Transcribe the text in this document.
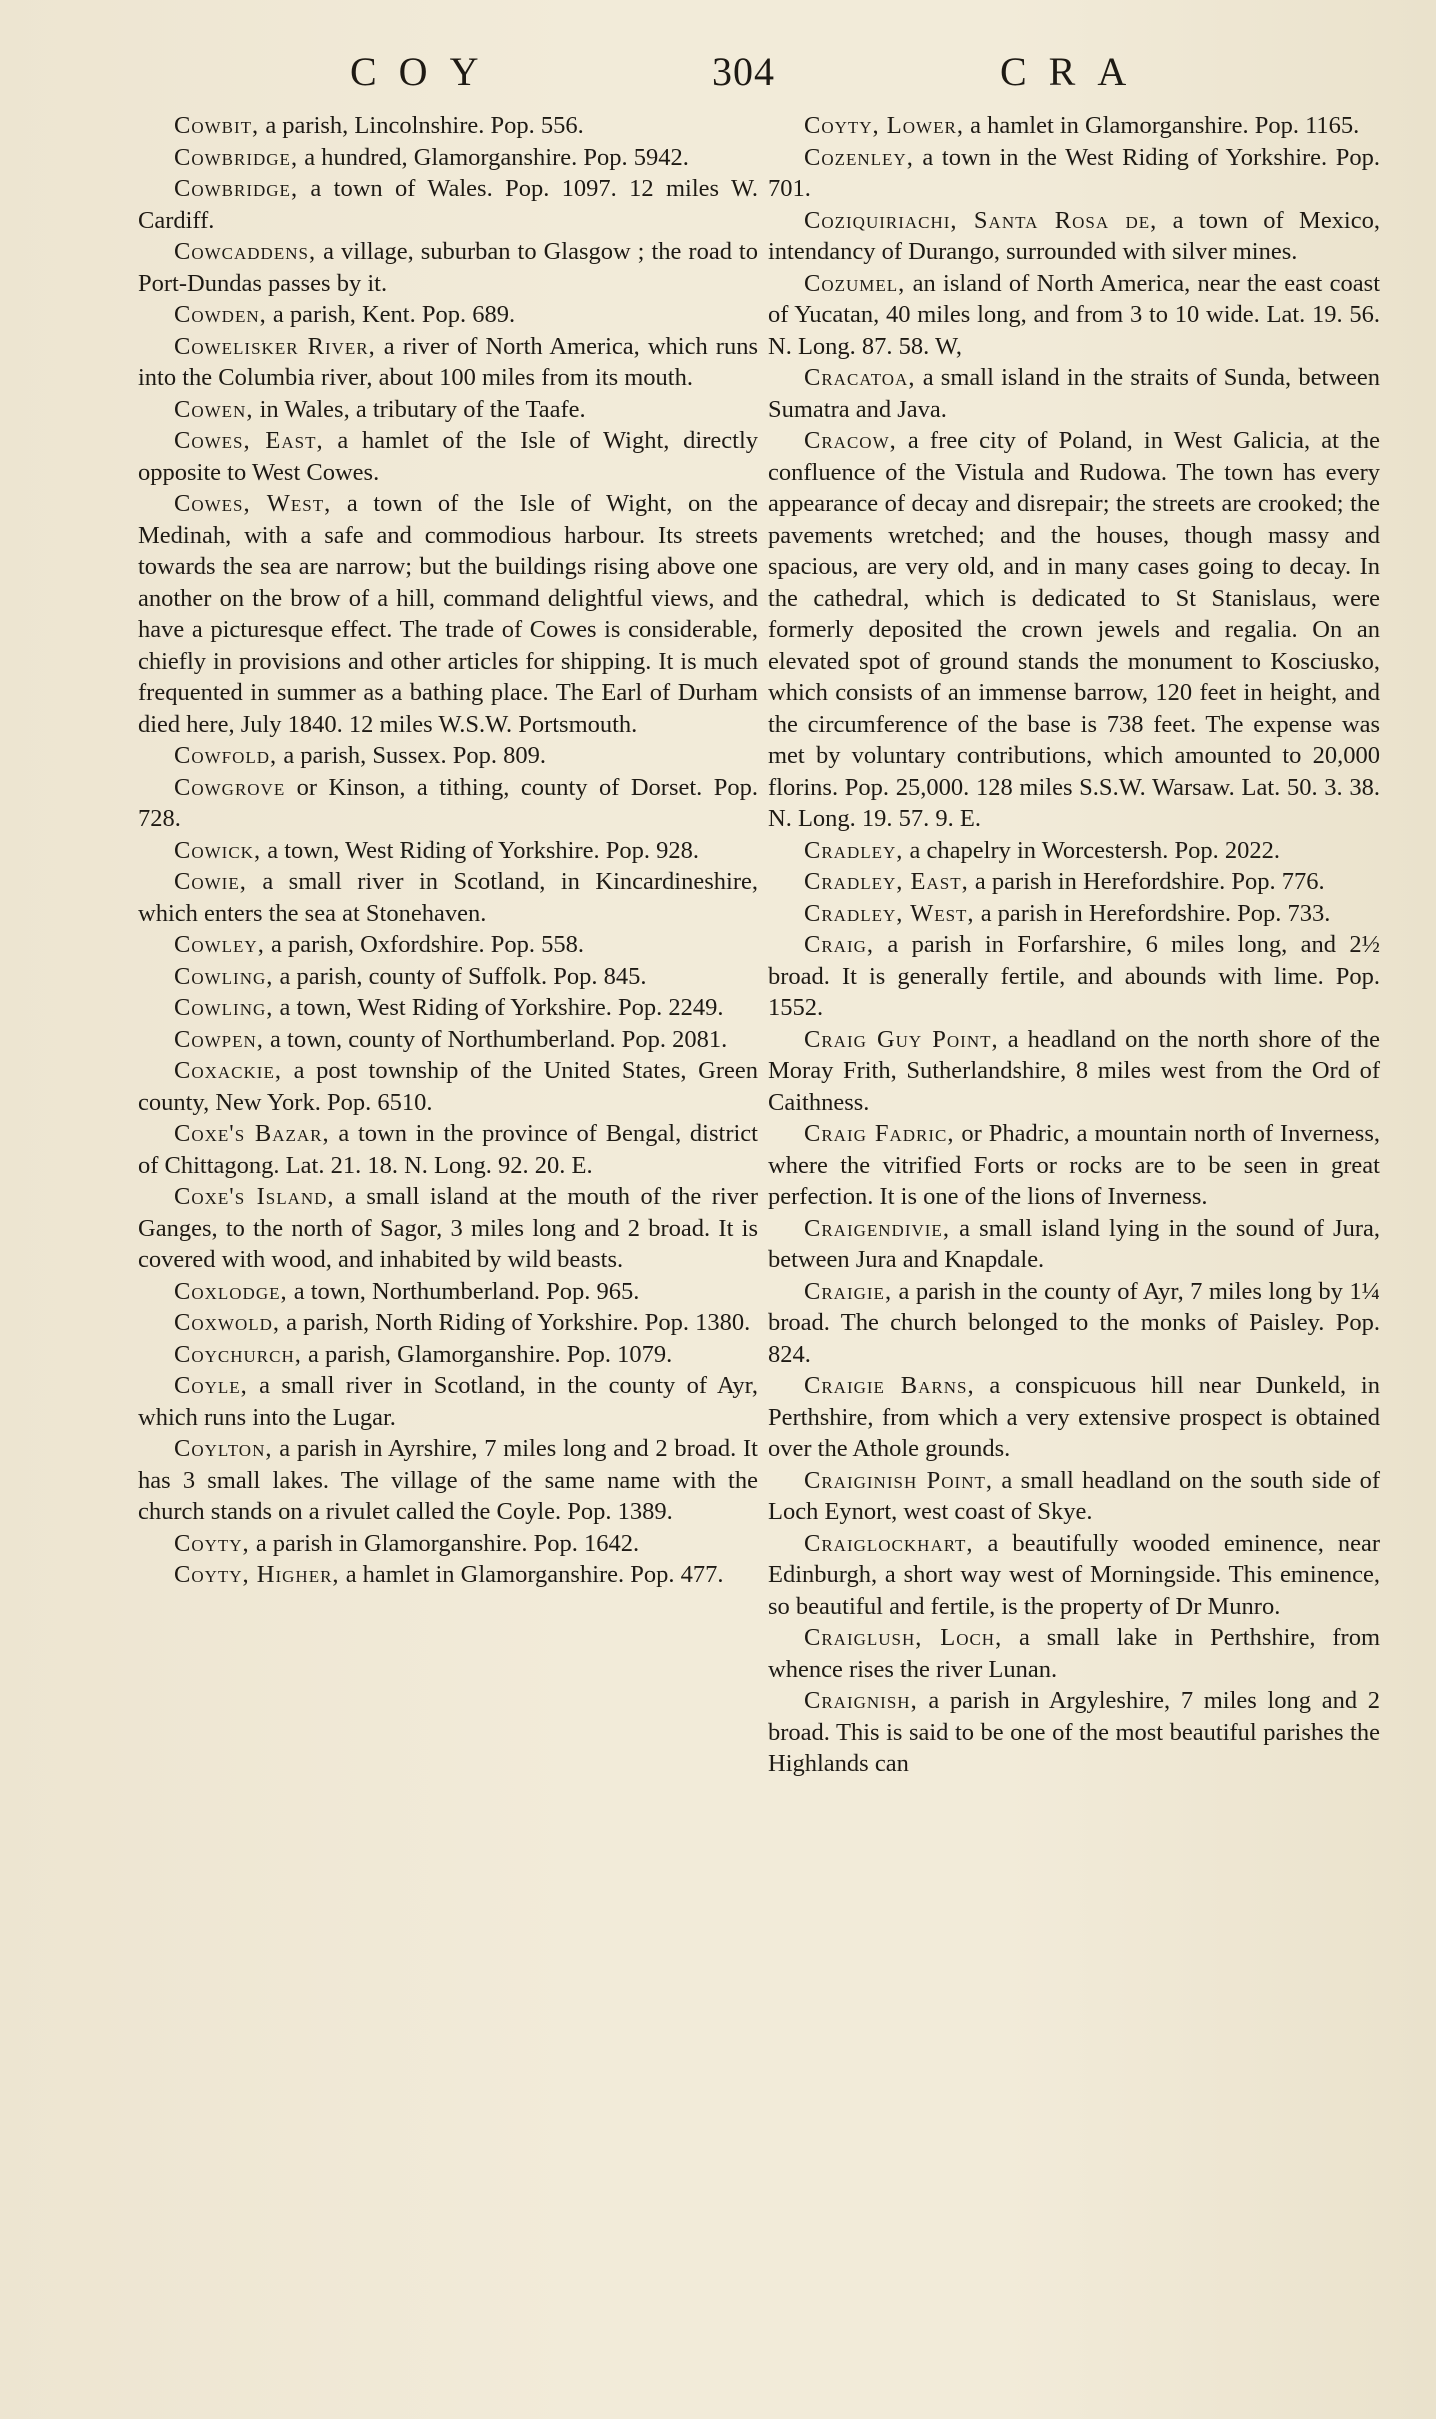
COY	304	CRA

Cowbit, a parish, Lincolnshire. Pop. 556.

Cowbridge, a hundred, Glamorganshire. Pop. 5942.

Cowbridge, a town of Wales. Pop. 1097. 12 miles W. Cardiff.

Cowcaddens, a village, suburban to Glasgow ; the road to Port-Dundas passes by it.

Cowden, a parish, Kent. Pop. 689.

Cowelisker River, a river of North America, which runs into the Columbia river, about 100 miles from its mouth.

Cowen, in Wales, a tributary of the Taafe.

Cowes, East, a hamlet of the Isle of Wight, directly opposite to West Cowes.

Cowes, West, a town of the Isle of Wight, on the Medinah, with a safe and commodious harbour. Its streets towards the sea are narrow; but the buildings rising above one another on the brow of a hill, command delightful views, and have a picturesque effect. The trade of Cowes is considerable, chiefly in provisions and other articles for shipping. It is much frequented in summer as a bathing place. The Earl of Durham died here, July 1840. 12 miles W.S.W. Portsmouth.

Cowfold, a parish, Sussex. Pop. 809.

Cowgrove or Kinson, a tithing, county of Dorset. Pop. 728.

Cowick, a town, West Riding of Yorkshire. Pop. 928.

Cowie, a small river in Scotland, in Kincardineshire, which enters the sea at Stonehaven.

Cowley, a parish, Oxfordshire. Pop. 558.

Cowling, a parish, county of Suffolk. Pop. 845.

Cowling, a town, West Riding of Yorkshire. Pop. 2249.

Cowpen, a town, county of Northumberland. Pop. 2081.

Coxackie, a post township of the United States, Green county, New York. Pop. 6510.

Coxe's Bazar, a town in the province of Bengal, district of Chittagong. Lat. 21. 18. N. Long. 92. 20. E.

Coxe's Island, a small island at the mouth of the river Ganges, to the north of Sagor, 3 miles long and 2 broad. It is covered with wood, and inhabited by wild beasts.

Coxlodge, a town, Northumberland. Pop. 965.

Coxwold, a parish, North Riding of Yorkshire. Pop. 1380.

Coychurch, a parish, Glamorganshire. Pop. 1079.

Coyle, a small river in Scotland, in the county of Ayr, which runs into the Lugar.

Coylton, a parish in Ayrshire, 7 miles long and 2 broad. It has 3 small lakes. The village of the same name with the church stands on a rivulet called the Coyle. Pop. 1389.

Coyty, a parish in Glamorganshire. Pop. 1642.

Coyty, Higher, a hamlet in Glamorganshire. Pop. 477.

Coyty, Lower, a hamlet in Glamorganshire. Pop. 1165.

Cozenley, a town in the West Riding of Yorkshire. Pop. 701.

Coziquiriachi, Santa Rosa de, a town of Mexico, intendancy of Durango, surrounded with silver mines.

Cozumel, an island of North America, near the east coast of Yucatan, 40 miles long, and from 3 to 10 wide. Lat. 19. 56. N. Long. 87. 58. W,

Cracatoa, a small island in the straits of Sunda, between Sumatra and Java.

Cracow, a free city of Poland, in West Galicia, at the confluence of the Vistula and Rudowa. The town has every appearance of decay and disrepair; the streets are crooked; the pavements wretched; and the houses, though massy and spacious, are very old, and in many cases going to decay. In the cathedral, which is dedicated to St Stanislaus, were formerly deposited the crown jewels and regalia. On an elevated spot of ground stands the monument to Kosciusko, which consists of an immense barrow, 120 feet in height, and the circumference of the base is 738 feet. The expense was met by voluntary contributions, which amounted to 20,000 florins. Pop. 25,000. 128 miles S.S.W. Warsaw. Lat. 50. 3. 38. N. Long. 19. 57. 9. E.

Cradley, a chapelry in Worcestersh. Pop. 2022.

Cradley, East, a parish in Herefordshire. Pop. 776.

Cradley, West, a parish in Herefordshire. Pop. 733.

Craig, a parish in Forfarshire, 6 miles long, and 2½ broad. It is generally fertile, and abounds with lime. Pop. 1552.

Craig Guy Point, a headland on the north shore of the Moray Frith, Sutherlandshire, 8 miles west from the Ord of Caithness.

Craig Fadric, or Phadric, a mountain north of Inverness, where the vitrified Forts or rocks are to be seen in great perfection. It is one of the lions of Inverness.

Craigendivie, a small island lying in the sound of Jura, between Jura and Knapdale.

Craigie, a parish in the county of Ayr, 7 miles long by 1¼ broad. The church belonged to the monks of Paisley. Pop. 824.

Craigie Barns, a conspicuous hill near Dunkeld, in Perthshire, from which a very extensive prospect is obtained over the Athole grounds.

Craiginish Point, a small headland on the south side of Loch Eynort, west coast of Skye.

Craiglockhart, a beautifully wooded eminence, near Edinburgh, a short way west of Morningside. This eminence, so beautiful and fertile, is the property of Dr Munro.

Craiglush, Loch, a small lake in Perthshire, from whence rises the river Lunan.

Craignish, a parish in Argyleshire, 7 miles long and 2 broad. This is said to be one of the most beautiful parishes the Highlands can
